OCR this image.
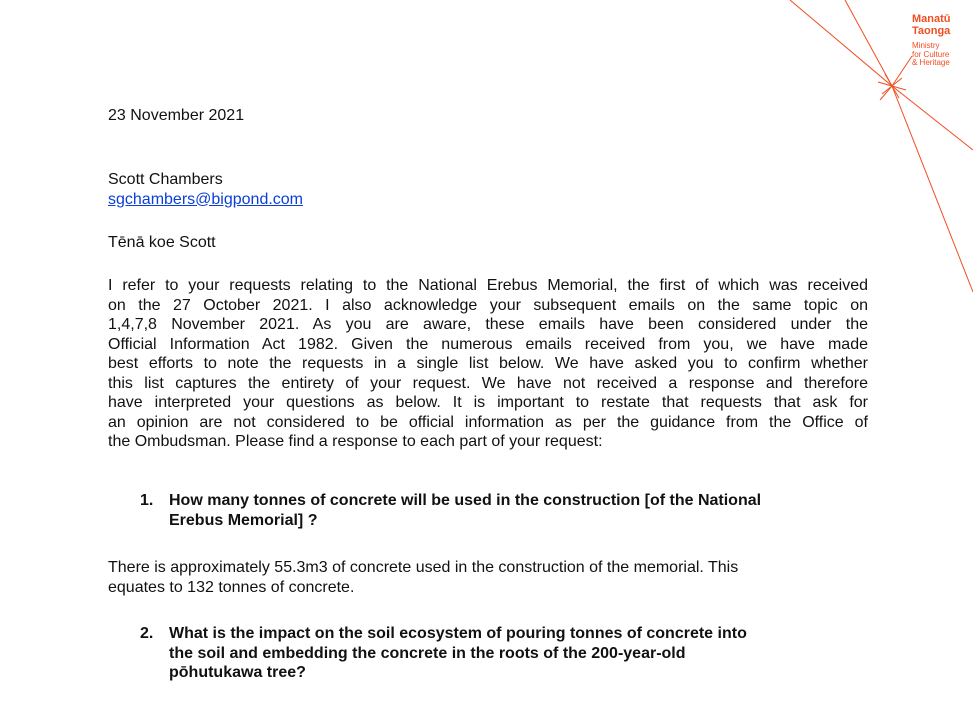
Manatū
Taonga
Ministry
for Culture
& Heritage
23 November 2021
Scott Chambers
sgchambers@bigpond.com
Tēnā koe Scott
I refer to your requests relating to the National Erebus Memorial, the first of which was received
on the 27 October 2021. I also acknowledge your subsequent emails on the same topic on
1,4,7,8 November 2021. As you are aware, these emails have been considered under the
Official Information Act 1982. Given the numerous emails received from you, we have made
best efforts to note the requests in a single list below. We have asked you to confirm whether
this list captures the entirety of your request. We have not received a response and therefore
have interpreted your questions as below. It is important to restate that requests that ask for
an opinion are not considered to be official information as per the guidance from the Office of
the Ombudsman. Please find a response to each part of your request:
1. How many tonnes of concrete will be used in the construction [of the National
Erebus Memorial] ?
There is approximately 55.3m3 of concrete used in the construction of the memorial. This
equates to 132 tonnes of concrete.
2. What is the impact on the soil ecosystem of pouring tonnes of concrete into
the soil and embedding the concrete in the roots of the 200-year-old
pōhutukawa tree?
